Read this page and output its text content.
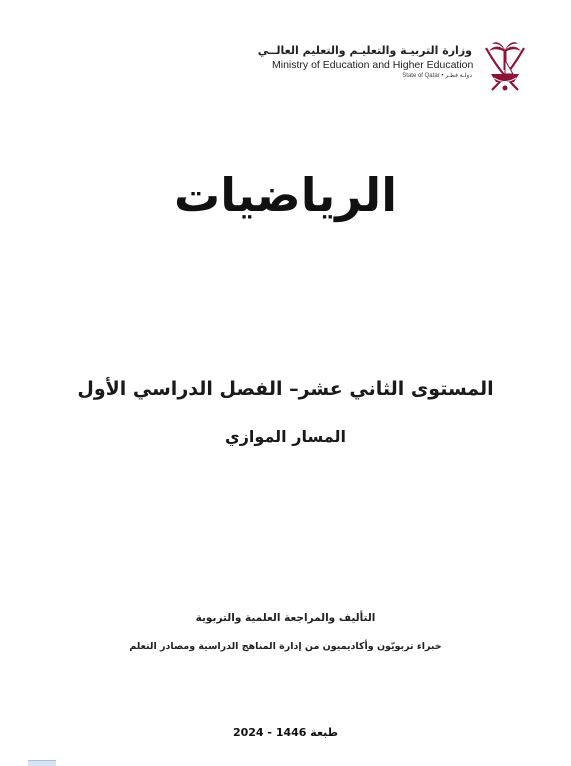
وزارة التربيـة والتعليـم والتعليم العالــي
Ministry of Education and Higher Education
State of Qatar • دولـة قطـر
الرياضيات
المستوى الثاني عشر– الفصل الدراسي الأول
المسار الموازي
التأليف والمراجعة العلمية والتربوية
خبراء تربويّون وأكاديميون من إدارة المناهج الدراسية ومصادر التعلم
طبعة 1446 - 2024
